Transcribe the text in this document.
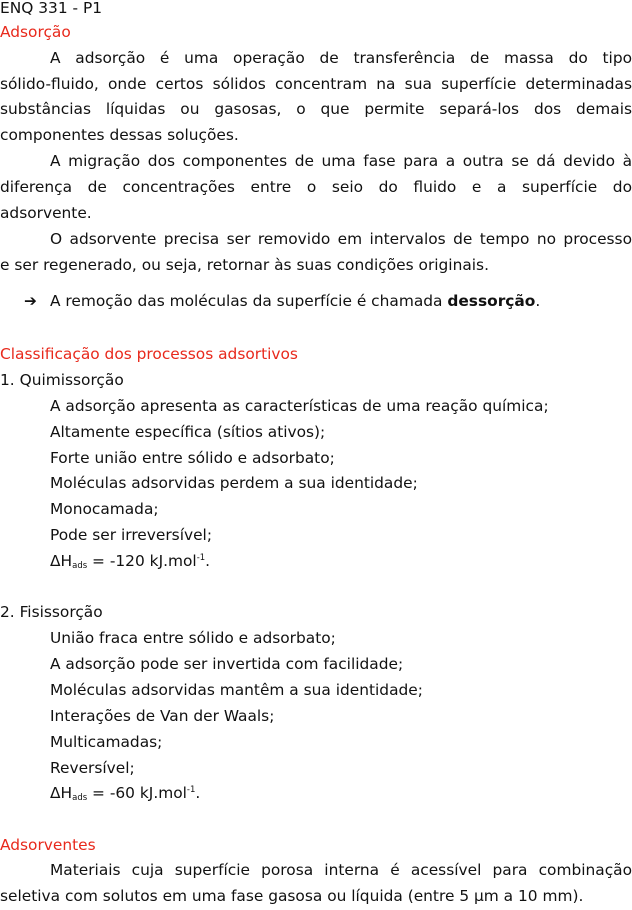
ENQ 331 - P1
Adsorção
A adsorção é uma operação de transferência de massa do tipo
sólido-fluido, onde certos sólidos concentram na sua superfície determinadas
substâncias líquidas ou gasosas, o que permite separá-los dos demais
componentes dessas soluções.
A migração dos componentes de uma fase para a outra se dá devido à
diferença de concentrações entre o seio do fluido e a superfície do
adsorvente.
O adsorvente precisa ser removido em intervalos de tempo no processo
e ser regenerado, ou seja, retornar às suas condições originais.
➔ A remoção das moléculas da superfície é chamada dessorção.
Classificação dos processos adsortivos
1. Quimissorção
A adsorção apresenta as características de uma reação química;
Altamente específica (sítios ativos);
Forte união entre sólido e adsorbato;
Moléculas adsorvidas perdem a sua identidade;
Monocamada;
Pode ser irreversível;
$\Delta H_{ads} = -120$ kJ.mol$^{-1}$.
2. Fisissorção
União fraca entre sólido e adsorbato;
A adsorção pode ser invertida com facilidade;
Moléculas adsorvidas mantêm a sua identidade;
Interações de Van der Waals;
Multicamadas;
Reversível;
$\Delta H_{ads} = -60$ kJ.mol$^{-1}$.
Adsorventes
Materiais cuja superfície porosa interna é acessível para combinação
seletiva com solutos em uma fase gasosa ou líquida (entre 5 µm a 10 mm).
